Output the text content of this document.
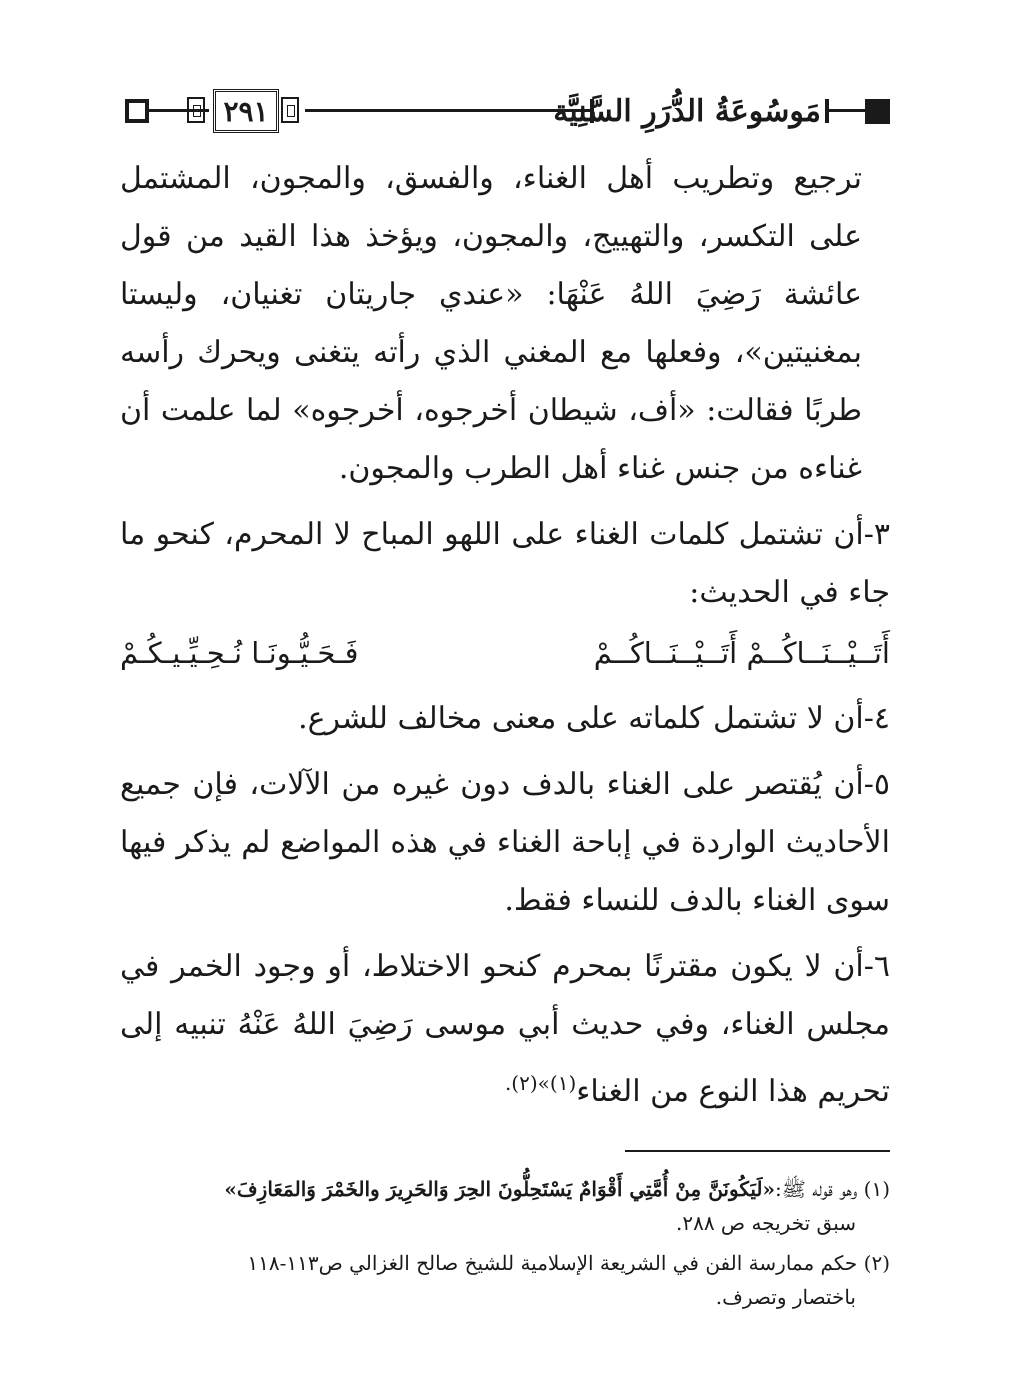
٢٩١	مَوسُوعَةُ الدُّرَرِ السَّنِيَّة

ترجيع وتطريب أهل الغناء، والفسق، والمجون، المشتمل على التكسر، والتهييج، والمجون، ويؤخذ هذا القيد من قول عائشة رَضِيَ اللهُ عَنْهَا: «عندي جاريتان تغنيان، وليستا بمغنيتين»، وفعلها مع المغني الذي رأته يتغنى ويحرك رأسه طربًا فقالت: «أف، شيطان أخرجوه، أخرجوه» لما علمت أن غناءه من جنس غناء أهل الطرب والمجون.

٣-أن تشتمل كلمات الغناء على اللهو المباح لا المحرم، كنحو ما جاء في الحديث:

أَتَــيْــنَــاكُــمْ أَتَــيْــنَــاكُــمْ
فَـحَـيُّـونَـا نُـحِـيِّـيـكُـمْ

٤-أن لا تشتمل كلماته على معنى مخالف للشرع.

٥-أن يُقتصر على الغناء بالدف دون غيره من الآلات، فإن جميع الأحاديث الواردة في إباحة الغناء في هذه المواضع لم يذكر فيها سوى الغناء بالدف للنساء فقط.

٦-أن لا يكون مقترنًا بمحرم كنحو الاختلاط، أو وجود الخمر في مجلس الغناء، وفي حديث أبي موسى رَضِيَ اللهُ عَنْهُ تنبيه إلى تحريم هذا النوع من الغناء$^{(١)»(٢).}$

(١) وهو قوله ﷺ:«لَيَكُونَنَّ مِنْ أُمَّتِي أَقْوَامٌ يَسْتَحِلُّونَ الحِرَ وَالحَرِيرَ والخَمْرَ وَالمَعَازِفَ»
سبق تخريجه ص ٢٨٨.

(٢) حكم ممارسة الفن في الشريعة الإسلامية للشيخ صالح الغزالي ص١١٣-١١٨
باختصار وتصرف.
